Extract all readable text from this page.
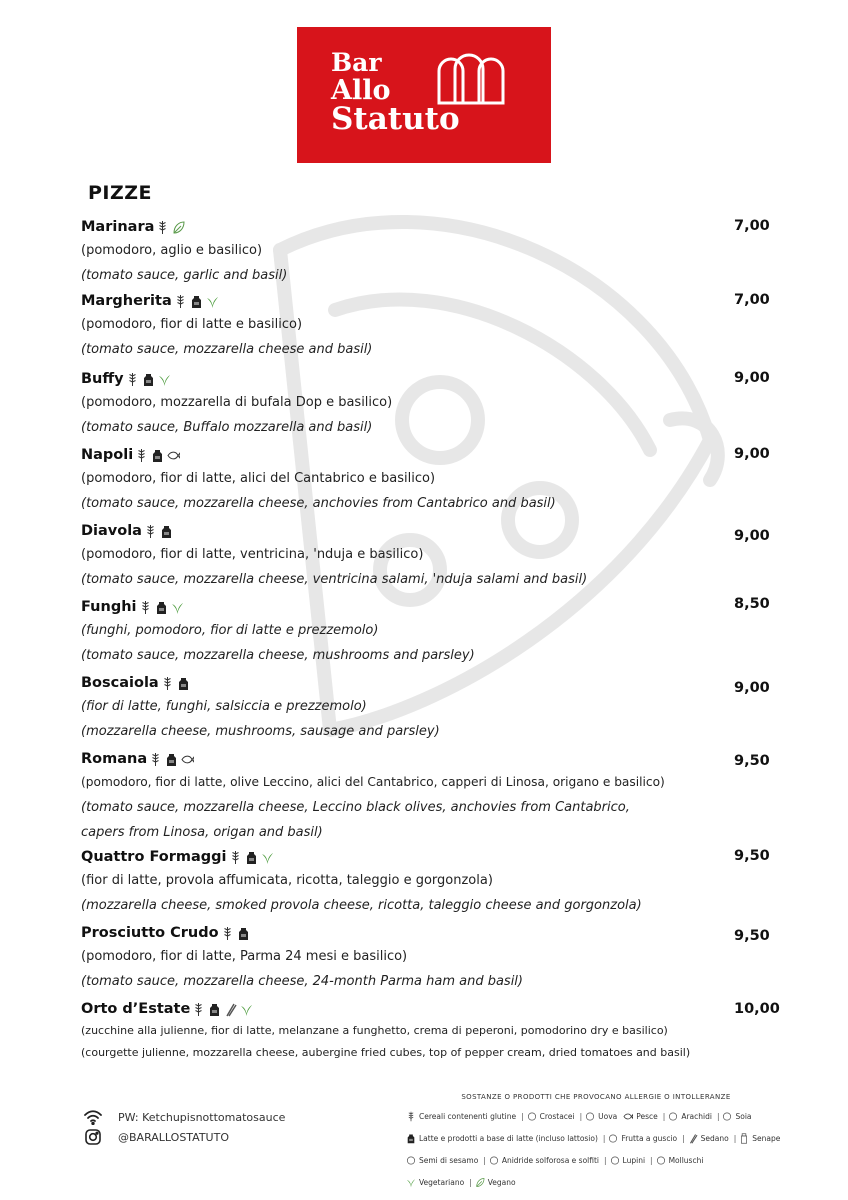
Bar
Allo
Statuto
PIZZE
Marinara	7,00
(pomodoro, aglio e basilico)
(tomato sauce, garlic and basil)
Margherita	7,00
(pomodoro, fior di latte e basilico)
(tomato sauce, mozzarella cheese and basil)
Buffy	9,00
(pomodoro, mozzarella di bufala Dop e basilico)
(tomato sauce, Buffalo mozzarella and basil)
Napoli	9,00
(pomodoro, fior di latte, alici del Cantabrico e basilico)
(tomato sauce, mozzarella cheese, anchovies from Cantabrico and basil)
Diavola	9,00
(pomodoro, fior di latte, ventricina, 'nduja e basilico)
(tomato sauce, mozzarella cheese, ventricina salami, 'nduja salami and basil)
Funghi	8,50
(funghi, pomodoro, fior di latte e prezzemolo)
(tomato sauce, mozzarella cheese, mushrooms and parsley)
Boscaiola	9,00
(fior di latte, funghi, salsiccia e prezzemolo)
(mozzarella cheese, mushrooms, sausage and parsley)
Romana	9,50
(pomodoro, fior di latte, olive Leccino, alici del Cantabrico, capperi di Linosa, origano e basilico)
(tomato sauce, mozzarella cheese, Leccino black olives, anchovies from Cantabrico,
capers from Linosa, origan and basil)
Quattro Formaggi	9,50
(fior di latte, provola affumicata, ricotta, taleggio e gorgonzola)
(mozzarella cheese, smoked provola cheese, ricotta, taleggio cheese and gorgonzola)
Prosciutto Crudo	9,50
(pomodoro, fior di latte, Parma 24 mesi e basilico)
(tomato sauce, mozzarella cheese, 24-month Parma ham and basil)
Orto d’Estate	10,00
(zucchine alla julienne, fior di latte, melanzane a funghetto, crema di peperoni, pomodorino dry e basilico)
(courgette julienne, mozzarella cheese, aubergine fried cubes, top of pepper cream, dried tomatoes and basil)
PW: Ketchupisnottomatosauce
@BARALLOSTATUTO
SOSTANZE O PRODOTTI CHE PROVOCANO ALLERGIE O INTOLLERANZE
Cereali contenenti glutine | Crostacei | Uova	Pesce | Arachidi | Soia
Latte e prodotti a base di latte (incluso lattosio) | Frutta a guscio | Sedano | Senape
Semi di sesamo | Anidride solforosa e solfiti | Lupini | Molluschi
Vegetariano | Vegano
